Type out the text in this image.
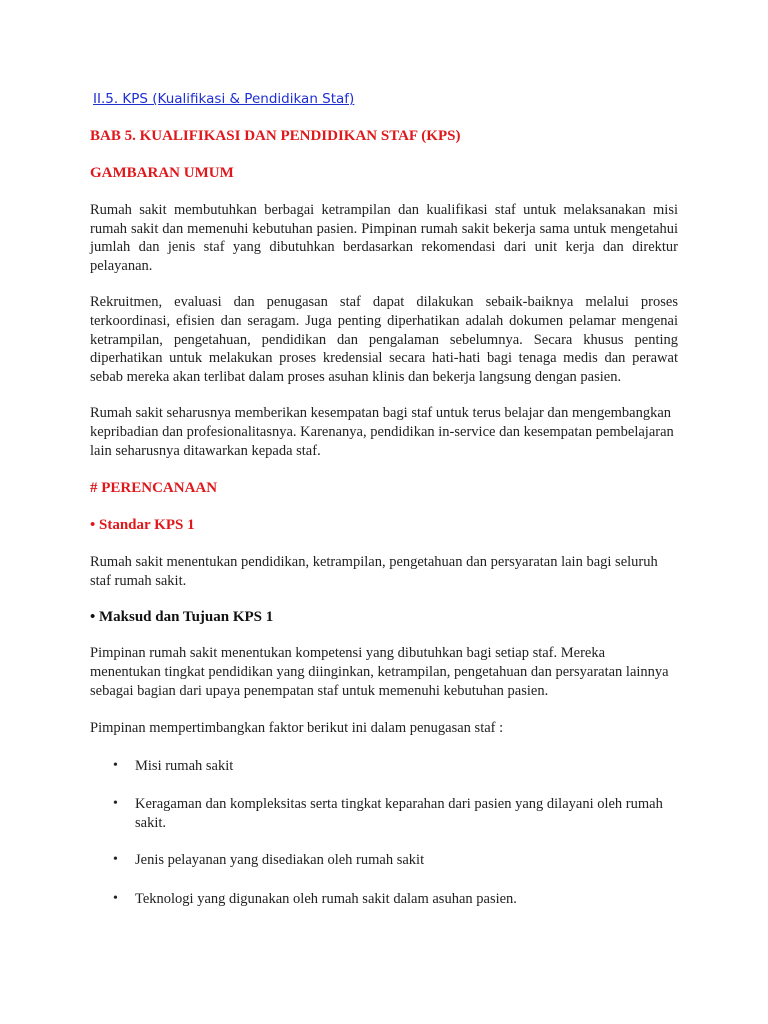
II.5. KPS (Kualifikasi & Pendidikan Staf)
BAB 5. KUALIFIKASI DAN PENDIDIKAN STAF (KPS)
GAMBARAN UMUM

Rumah sakit membutuhkan berbagai ketrampilan dan kualifikasi staf untuk melaksanakan misi rumah sakit dan memenuhi kebutuhan pasien. Pimpinan rumah sakit bekerja sama untuk mengetahui jumlah dan jenis staf yang dibutuhkan berdasarkan rekomendasi dari unit kerja dan direktur pelayanan.

Rekruitmen, evaluasi dan penugasan staf dapat dilakukan sebaik-baiknya melalui proses terkoordinasi, efisien dan seragam. Juga penting diperhatikan adalah dokumen pelamar mengenai ketrampilan, pengetahuan, pendidikan dan pengalaman sebelumnya. Secara khusus penting diperhatikan untuk melakukan proses kredensial secara hati-hati bagi tenaga medis dan perawat sebab mereka akan terlibat dalam proses asuhan klinis dan bekerja langsung dengan pasien.

Rumah sakit seharusnya memberikan kesempatan bagi staf untuk terus belajar dan mengembangkan kepribadian dan profesionalitasnya. Karenanya, pendidikan in-service dan kesempatan pembelajaran lain seharusnya ditawarkan kepada staf.

# PERENCANAAN
• Standar KPS 1

Rumah sakit menentukan pendidikan, ketrampilan, pengetahuan dan persyaratan lain bagi seluruh staf rumah sakit.

• Maksud dan Tujuan KPS 1

Pimpinan rumah sakit menentukan kompetensi yang dibutuhkan bagi setiap staf. Mereka menentukan tingkat pendidikan yang diinginkan, ketrampilan, pengetahuan dan persyaratan lainnya sebagai bagian dari upaya penempatan staf untuk memenuhi kebutuhan pasien.

Pimpinan mempertimbangkan faktor berikut ini dalam penugasan staf :

• Misi rumah sakit
• Keragaman dan kompleksitas serta tingkat keparahan dari pasien yang dilayani oleh rumah sakit.
• Jenis pelayanan yang disediakan oleh rumah sakit
• Teknologi yang digunakan oleh rumah sakit dalam asuhan pasien.
